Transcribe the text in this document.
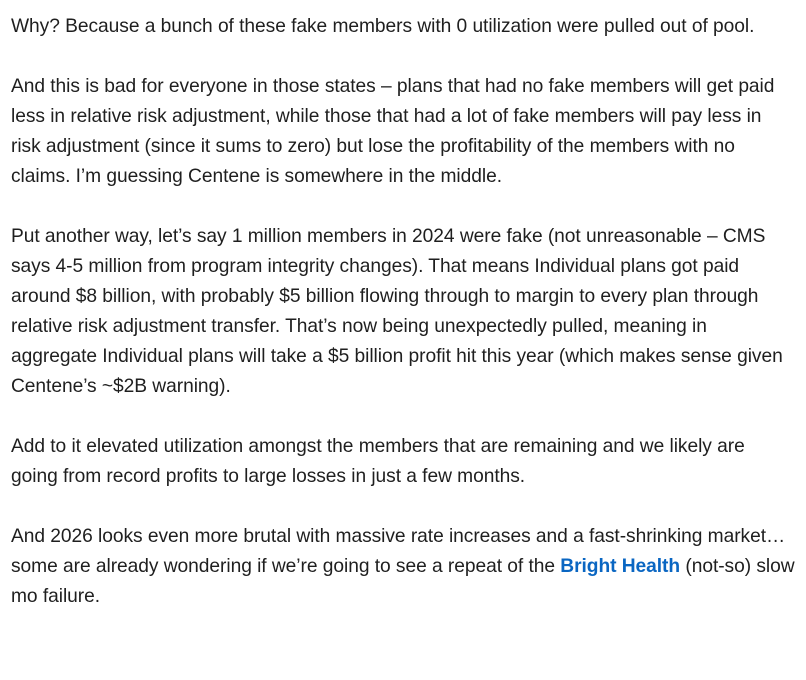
Why? Because a bunch of these fake members with 0 utilization were pulled out of pool.

And this is bad for everyone in those states – plans that had no fake members will get paid less in relative risk adjustment, while those that had a lot of fake members will pay less in risk adjustment (since it sums to zero) but lose the profitability of the members with no claims. I’m guessing Centene is somewhere in the middle.

Put another way, let’s say 1 million members in 2024 were fake (not unreasonable – CMS says 4-5 million from program integrity changes). That means Individual plans got paid around $8 billion, with probably $5 billion flowing through to margin to every plan through relative risk adjustment transfer. That’s now being unexpectedly pulled, meaning in aggregate Individual plans will take a $5 billion profit hit this year (which makes sense given Centene’s ~$2B warning).

Add to it elevated utilization amongst the members that are remaining and we likely are going from record profits to large losses in just a few months.

And 2026 looks even more brutal with massive rate increases and a fast-shrinking market…some are already wondering if we’re going to see a repeat of the Bright Health (not-so) slow mo failure.
